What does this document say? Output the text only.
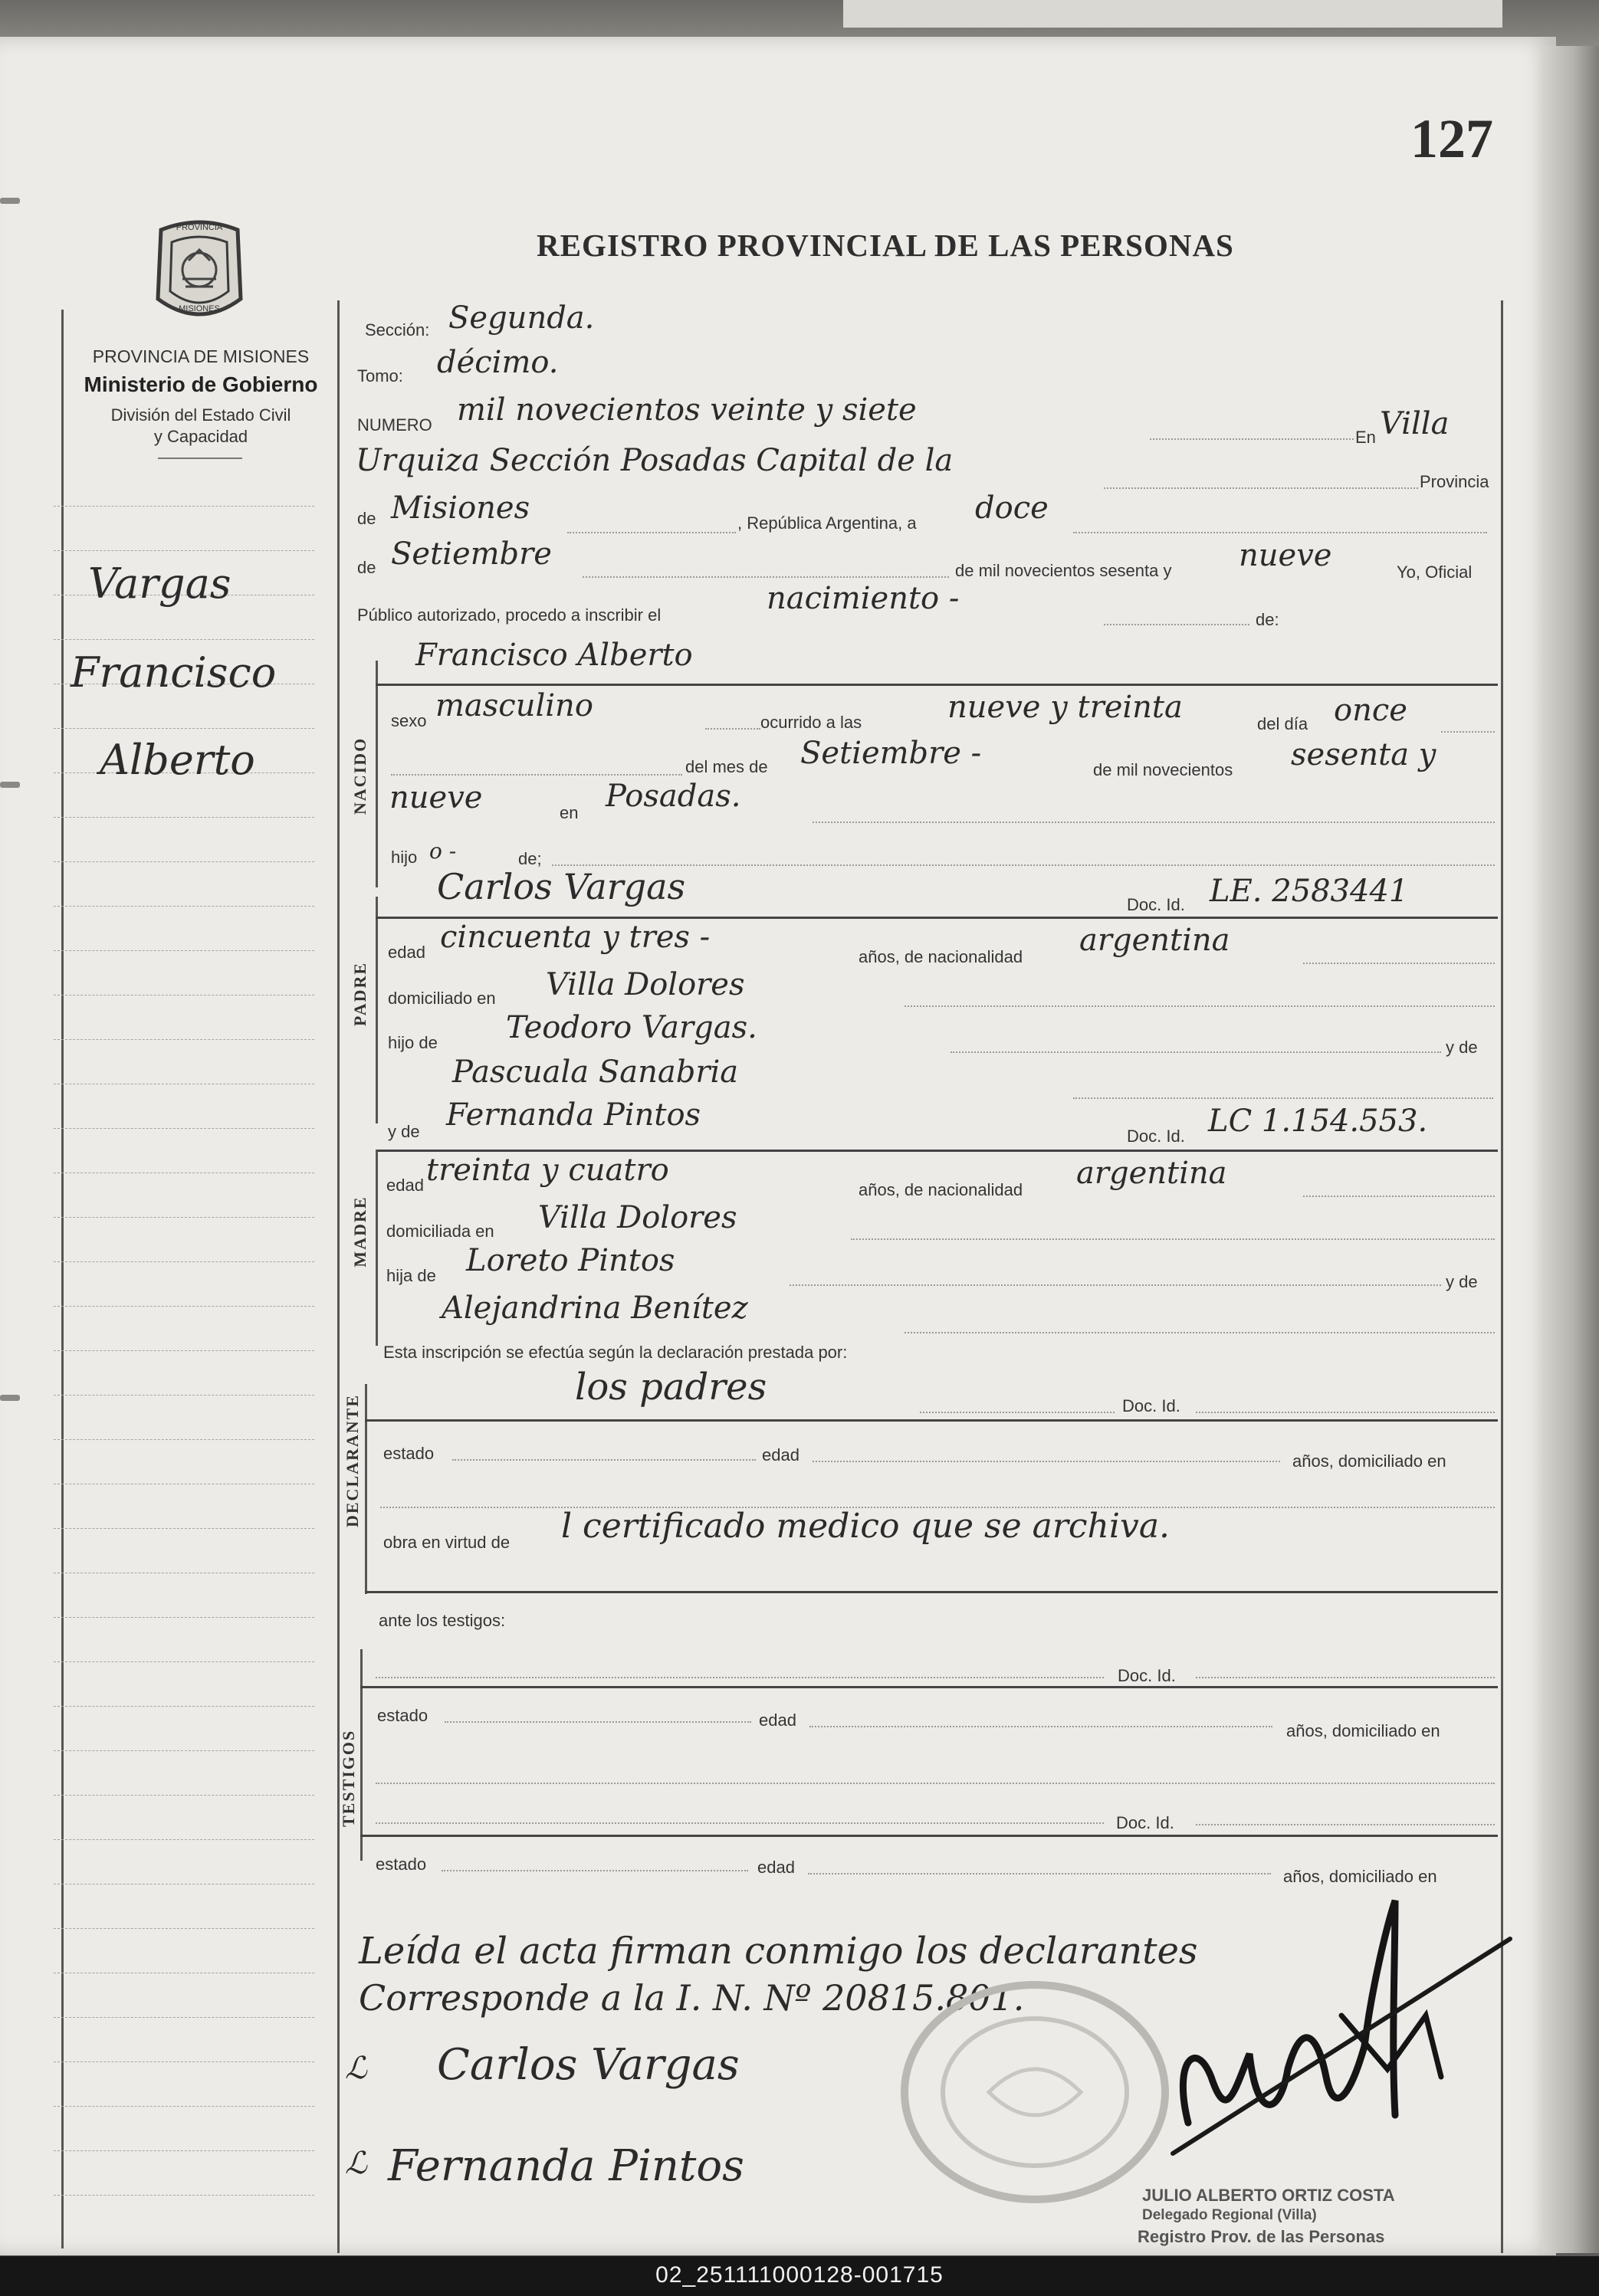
127
REGISTRO PROVINCIAL DE LAS PERSONAS
PROVINCIA
MISIONES
PROVINCIA DE MISIONES
Ministerio de Gobierno
División del Estado Civil
y Capacidad
Vargas
Francisco
Alberto
Sección: Segunda.
Tomo: décimo.
NUMERO mil novecientos veinte y siete
En Villa
Urquiza Sección Posadas Capital de la
Provincia
de Misiones	, República Argentina, a doce
de Setiembre	de mil novecientos sesenta y nueve	Yo, Oficial
Público autorizado, procedo a inscribir el	nacimiento -
de:
NACIDO
Francisco Alberto
sexo masculino	ocurrido a las	nueve y treinta	del día once
del mes de Setiembre -	de mil novecientos sesenta y
nueve	en Posadas.
hijo o -	de;
PADRE
Carlos Vargas	Doc. Id. LE. 2583441
edad cincuenta y tres -
años, de nacionalidad argentina
domiciliado en Villa Dolores
hijo de Teodoro Vargas.
y de
Pascuala Sanabria
y de Fernanda Pintos
Doc. Id. LC 1.154.553.
MADRE
edad treinta y cuatro
años, de nacionalidad argentina
domiciliada en Villa Dolores
hija de Loreto Pintos
y de
Alejandrina Benítez
Esta inscripción se efectúa según la declaración prestada por:
DECLARANTE
los padres	Doc. Id.
estado	edad	años, domiciliado en
obra en virtud de l certificado medico que se archiva.
ante los testigos:
TESTIGOS
Doc. Id.
estado	edad
años, domiciliado en
Doc. Id.
estado	edad	años, domiciliado en
Leída el acta firman conmigo los declarantes
Corresponde a la I. N. Nº 20815.801.
JULIO ALBERTO ORTIZ COSTA
Delegado Regional (Villa)
Registro Prov. de las Personas
ℒ Carlos Vargas
ℒ Fernanda Pintos
02_251111000128-001715
